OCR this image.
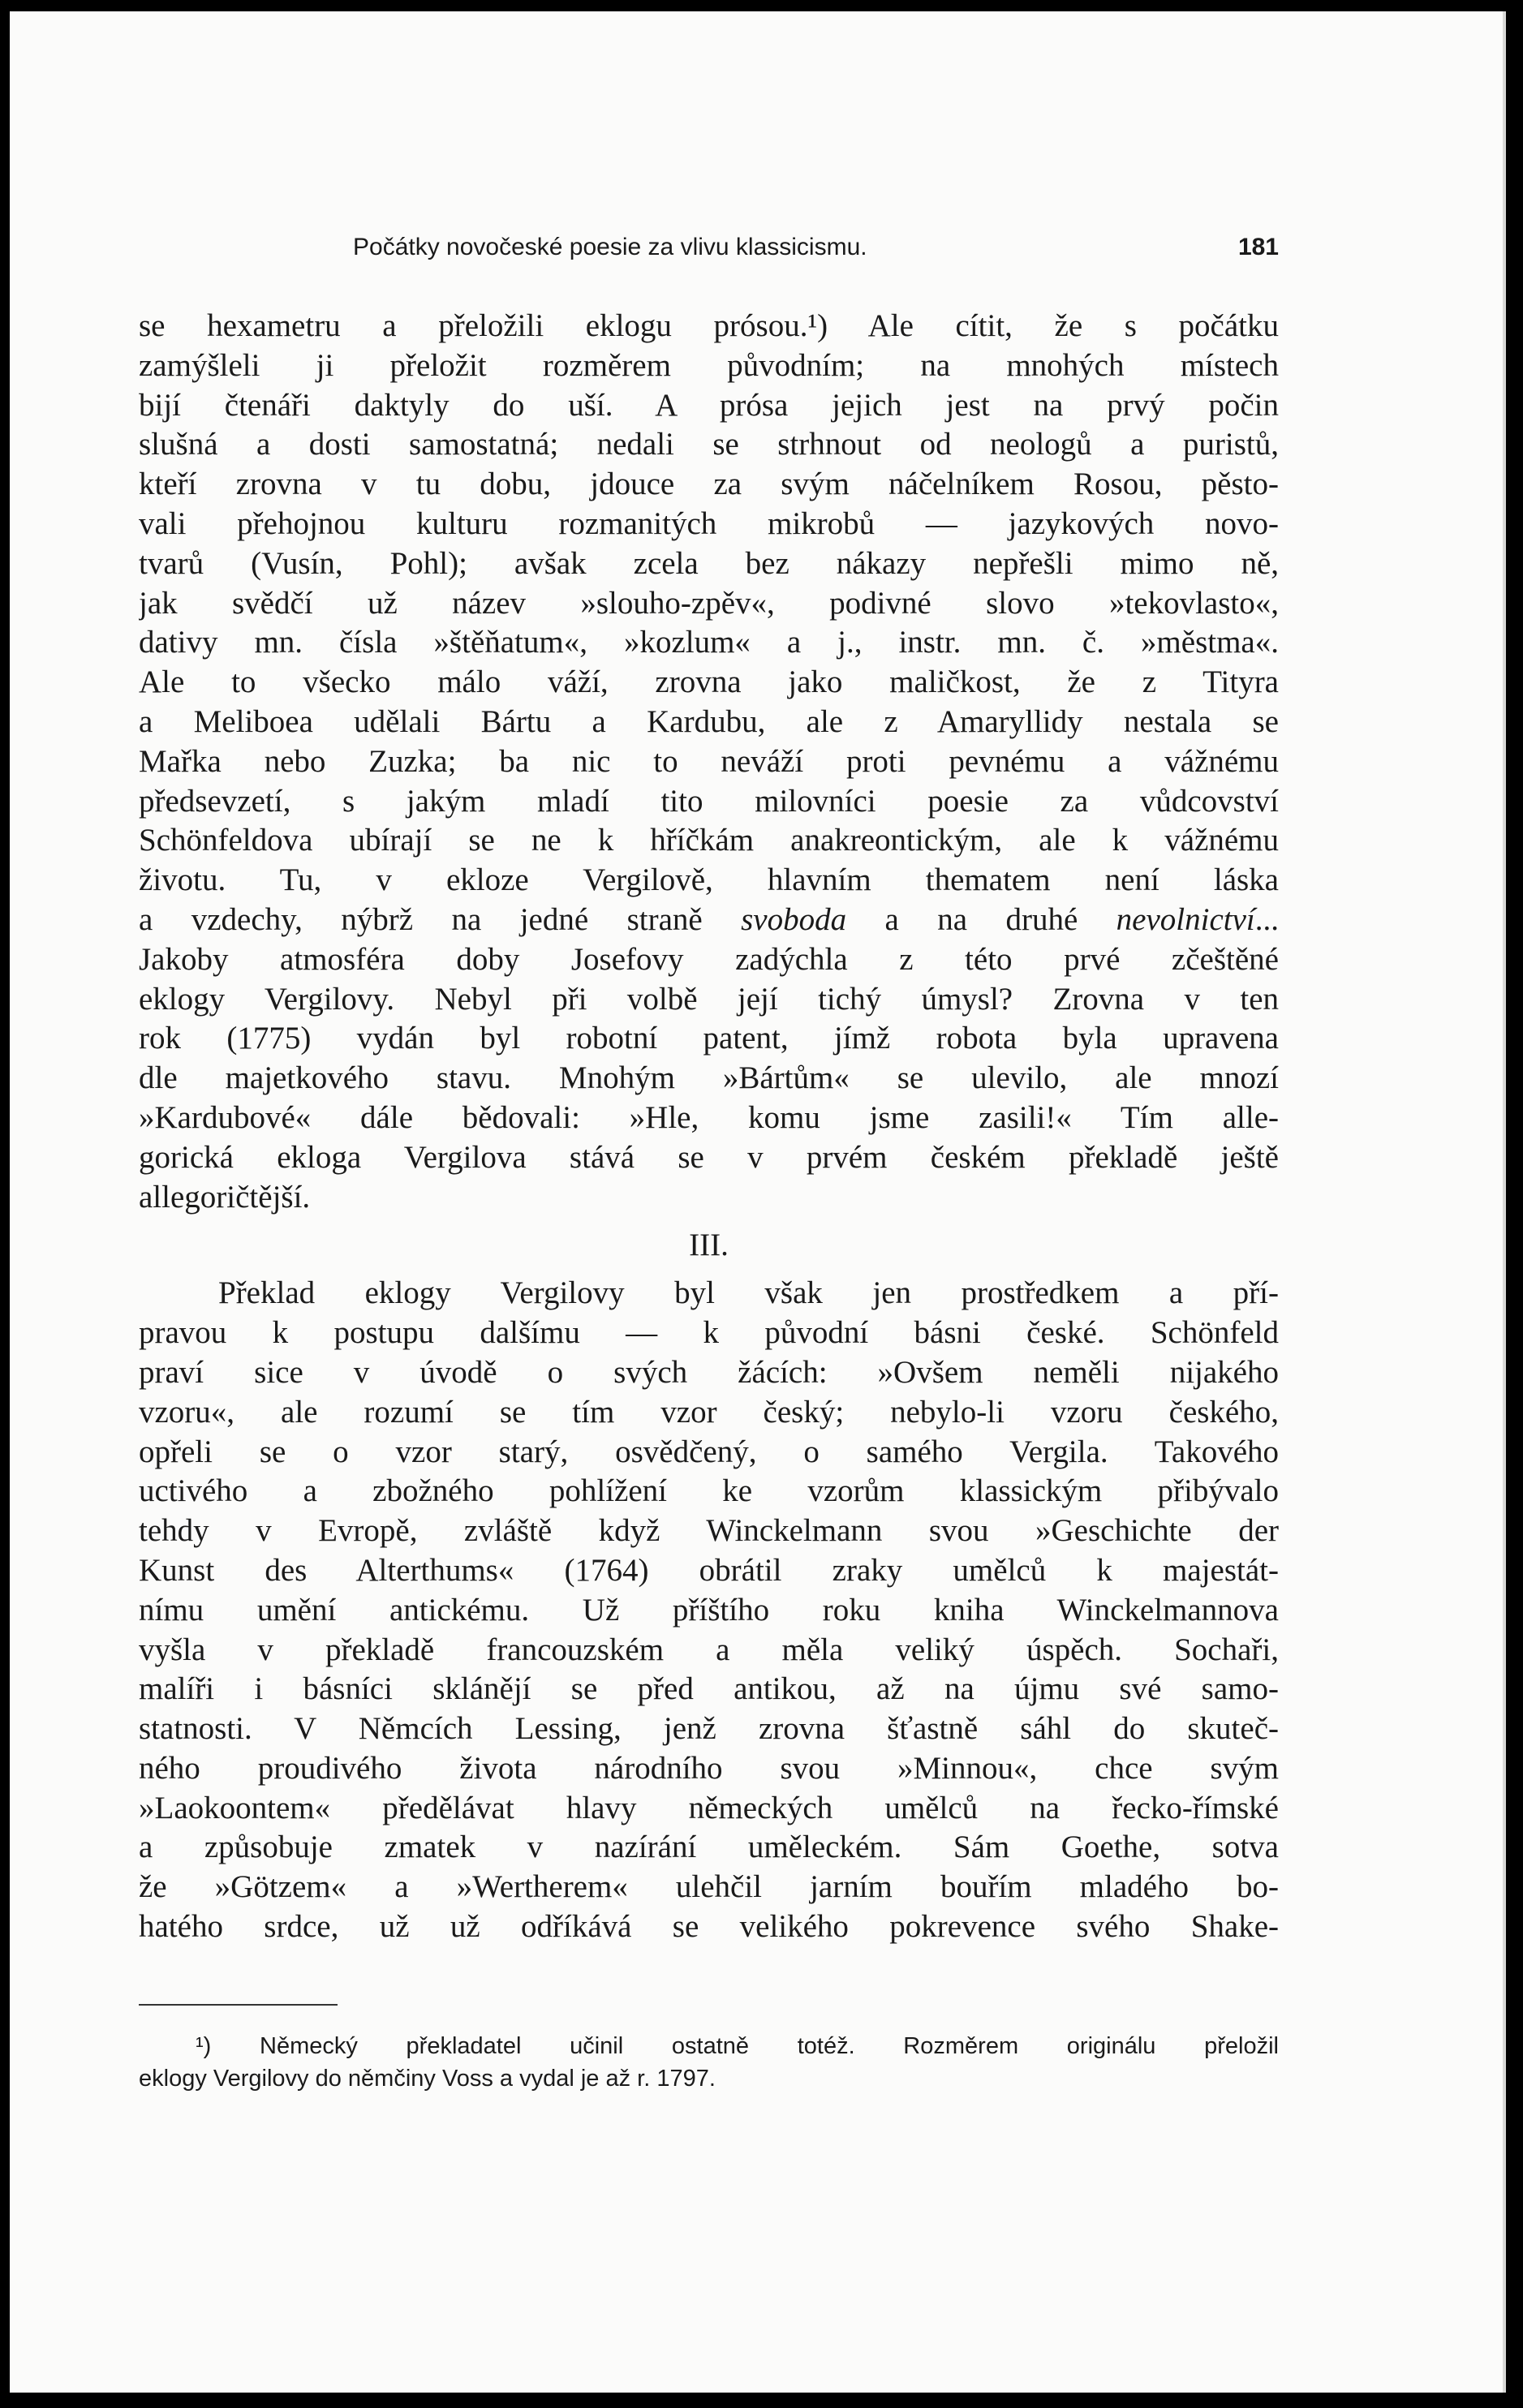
Počátky novočeské poesie za vlivu klassicismu.	181
se hexametru a přeložili eklogu prósou.¹) Ale cítit, že s počátku
zamýšleli ji přeložit rozměrem původním; na mnohých místech
bijí čtenáři daktyly do uší. A prósa jejich jest na prvý počin
slušná a dosti samostatná; nedali se strhnout od neologů a puristů,
kteří zrovna v tu dobu, jdouce za svým náčelníkem Rosou, pěsto-
vali přehojnou kulturu rozmanitých mikrobů — jazykových novo-
tvarů (Vusín, Pohl); avšak zcela bez nákazy nepřešli mimo ně,
jak svědčí už název »slouho-zpěv«, podivné slovo »tekovlasto«,
dativy mn. čísla »štěňatum«, »kozlum« a j., instr. mn. č. »městma«.
Ale to všecko málo váží, zrovna jako maličkost, že z Tityra
a Meliboea udělali Bártu a Kardubu, ale z Amaryllidy nestala se
Mařka nebo Zuzka; ba nic to neváží proti pevnému a vážnému
předsevzetí, s jakým mladí tito milovníci poesie za vůdcovství
Schönfeldova ubírají se ne k hříčkám anakreontickým, ale k vážnému
životu. Tu, v ekloze Vergilově, hlavním thematem není láska
a vzdechy, nýbrž na jedné straně svoboda a na druhé nevolnictví...
Jakoby atmosféra doby Josefovy zadýchla z této prvé zčeštěné
eklogy Vergilovy. Nebyl při volbě její tichý úmysl? Zrovna v ten
rok (1775) vydán byl robotní patent, jímž robota byla upravena
dle majetkového stavu. Mnohým »Bártům« se ulevilo, ale mnozí
»Kardubové« dále bědovali: »Hle, komu jsme zasili!« Tím alle-
gorická ekloga Vergilova stává se v prvém českém překladě ještě
allegoričtější.
III.
Překlad eklogy Vergilovy byl však jen prostředkem a pří-
pravou k postupu dalšímu — k původní básni české. Schönfeld
praví sice v úvodě o svých žácích: »Ovšem neměli nijakého
vzoru«, ale rozumí se tím vzor český; nebylo-li vzoru českého,
opřeli se o vzor starý, osvědčený, o samého Vergila. Takového
uctivého a zbožného pohlížení ke vzorům klassickým přibývalo
tehdy v Evropě, zvláště když Winckelmann svou »Geschichte der
Kunst des Alterthums« (1764) obrátil zraky umělců k majestát-
nímu umění antickému. Už příštího roku kniha Winckelmannova
vyšla v překladě francouzském a měla veliký úspěch. Sochaři,
malíři i básníci sklánějí se před antikou, až na újmu své samo-
statnosti. V Němcích Lessing, jenž zrovna šťastně sáhl do skuteč-
ného proudivého života národního svou »Minnou«, chce svým
»Laokoontem« předělávat hlavy německých umělců na řecko-římské
a způsobuje zmatek v nazírání uměleckém. Sám Goethe, sotva
že »Götzem« a »Wertherem« ulehčil jarním bouřím mladého bo-
hatého srdce, už už odříkává se velikého pokrevence svého Shake-
¹) Německý překladatel učinil ostatně totéž. Rozměrem originálu přeložil
eklogy Vergilovy do němčiny Voss a vydal je až r. 1797.
